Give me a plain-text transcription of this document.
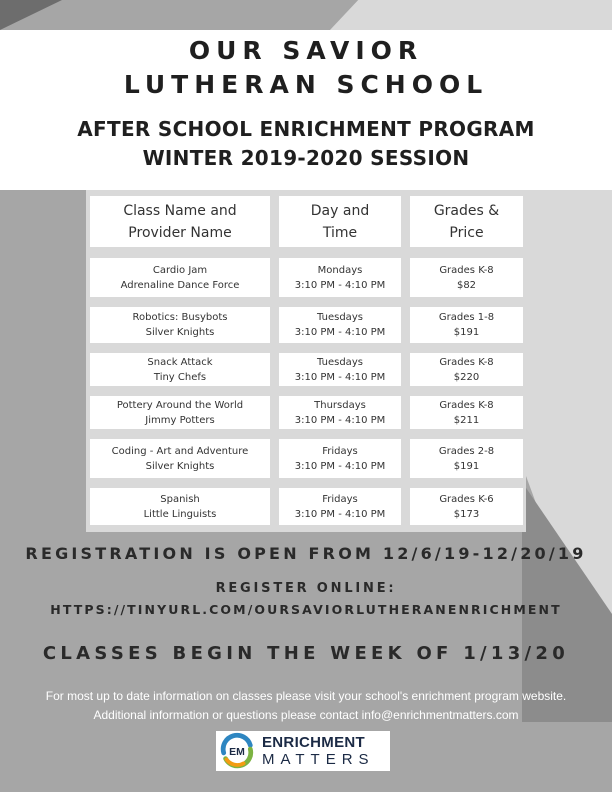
OUR SAVIOR
LUTHERAN SCHOOL
AFTER SCHOOL ENRICHMENT PROGRAM
WINTER 2019-2020 SESSION
Class Name and
Provider Name
Day and
Time
Grades &
Price
Cardio Jam
Adrenaline Dance Force
Mondays
3:10 PM - 4:10 PM
Grades K-8
$82
Robotics: Busybots
Silver Knights
Tuesdays
3:10 PM - 4:10 PM
Grades 1-8
$191
Snack Attack
Tiny Chefs
Tuesdays
3:10 PM - 4:10 PM
Grades K-8
$220
Pottery Around the World
Jimmy Potters
Thursdays
3:10 PM - 4:10 PM
Grades K-8
$211
Coding - Art and Adventure
Silver Knights
Fridays
3:10 PM - 4:10 PM
Grades 2-8
$191
Spanish
Little Linguists
Fridays
3:10 PM - 4:10 PM
Grades K-6
$173
REGISTRATION IS OPEN FROM 12/6/19-12/20/19
REGISTER ONLINE:
HTTPS://TINYURL.COM/OURSAVIORLUTHERANENRICHMENT
CLASSES BEGIN THE WEEK OF 1/13/20
For most up to date information on classes please visit your school's enrichment program website.
Additional information or questions please contact info@enrichmentmatters.com
EM
ENRICHMENT
MATTERS
